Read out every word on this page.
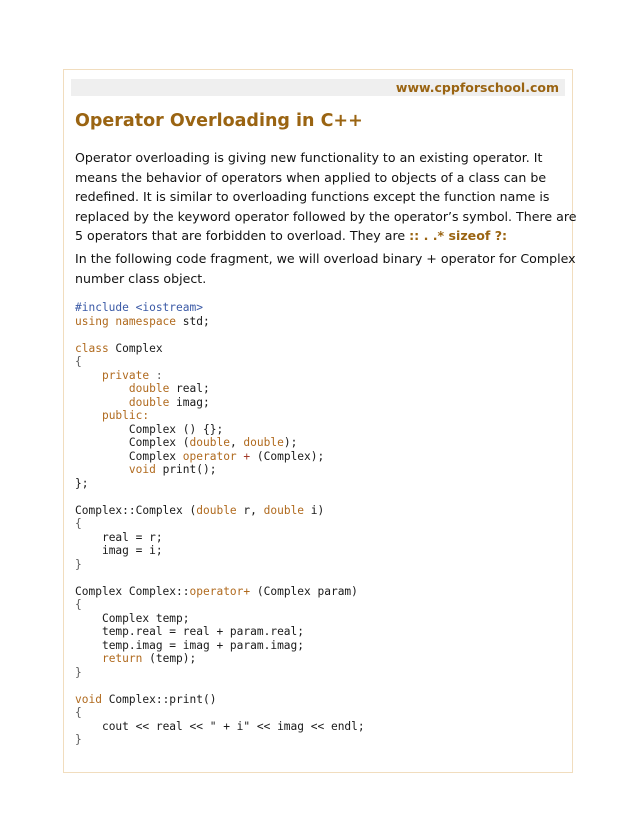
www.cppforschool.com
Operator Overloading in C++
Operator overloading is giving new functionality to an existing operator. It
means the behavior of operators when applied to objects of a class can be
redefined. It is similar to overloading functions except the function name is
replaced by the keyword operator followed by the operator’s symbol. There are
5 operators that are forbidden to overload. They are :: . .* sizeof ?:
In the following code fragment, we will overload binary + operator for Complex
number class object.
#include <iostream>
using namespace std;
class Complex
{
private :
double real;
double imag;
public:
Complex () {};
Complex (double, double);
Complex operator + (Complex);
void print();
};
Complex::Complex (double r, double i)
{
real = r;
imag = i;
}
Complex Complex::operator+ (Complex param)
{
Complex temp;
temp.real = real + param.real;
temp.imag = imag + param.imag;
return (temp);
}
void Complex::print()
{
cout << real << " + i" << imag << endl;
}
